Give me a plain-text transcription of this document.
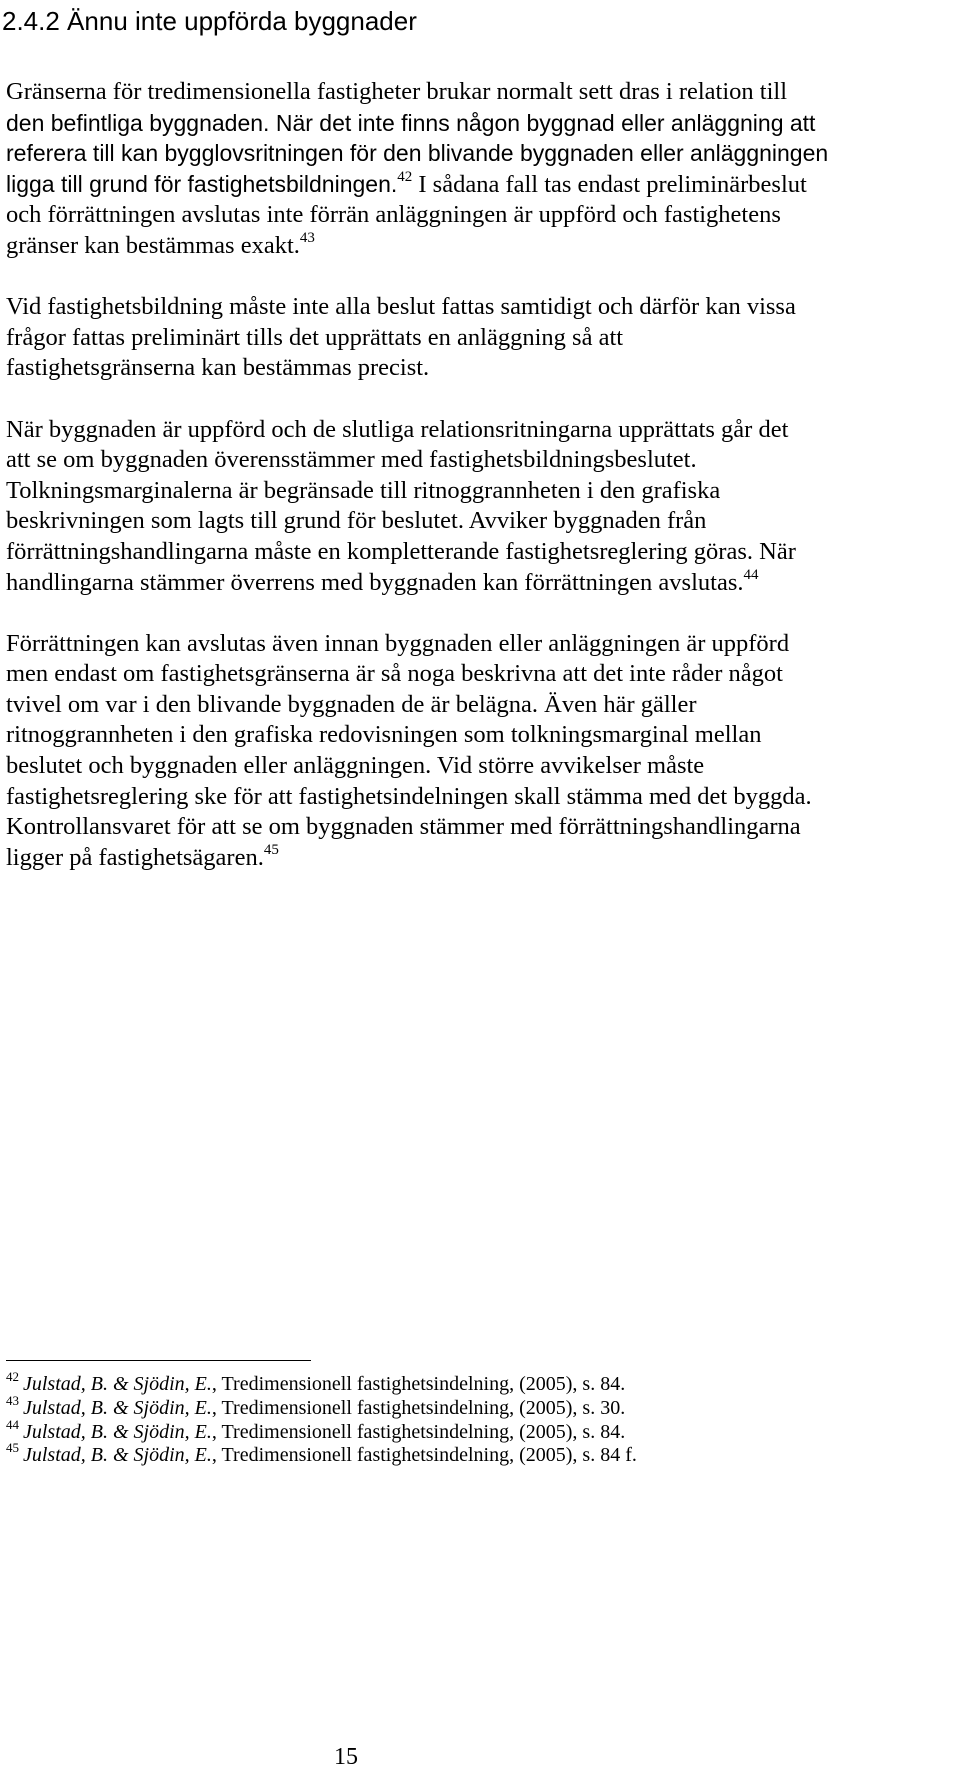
2.4.2 Ännu inte uppförda byggnader

Gränserna för tredimensionella fastigheter brukar normalt sett dras i relation till
den befintliga byggnaden. När det inte finns någon byggnad eller anläggning att
referera till kan bygglovsritningen för den blivande byggnaden eller anläggningen
ligga till grund för fastighetsbildningen.$^{42}$ I sådana fall tas endast preliminärbeslut
och förrättningen avslutas inte förrän anläggningen är uppförd och fastighetens
gränser kan bestämmas exakt.$^{43}$

Vid fastighetsbildning måste inte alla beslut fattas samtidigt och därför kan vissa
frågor fattas preliminärt tills det upprättats en anläggning så att
fastighetsgränserna kan bestämmas precist.

När byggnaden är uppförd och de slutliga relationsritningarna upprättats går det
att se om byggnaden överensstämmer med fastighetsbildningsbeslutet.
Tolkningsmarginalerna är begränsade till ritnoggrannheten i den grafiska
beskrivningen som lagts till grund för beslutet. Avviker byggnaden från
förrättningshandlingarna måste en kompletterande fastighetsreglering göras. När
handlingarna stämmer överrens med byggnaden kan förrättningen avslutas.$^{44}$

Förrättningen kan avslutas även innan byggnaden eller anläggningen är uppförd
men endast om fastighetsgränserna är så noga beskrivna att det inte råder något
tvivel om var i den blivande byggnaden de är belägna. Även här gäller
ritnoggrannheten i den grafiska redovisningen som tolkningsmarginal mellan
beslutet och byggnaden eller anläggningen. Vid större avvikelser måste
fastighetsreglering ske för att fastighetsindelningen skall stämma med det byggda.
Kontrollansvaret för att se om byggnaden stämmer med förrättningshandlingarna
ligger på fastighetsägaren.$^{45}$

$^{42}$ Julstad, B. & Sjödin, E., Tredimensionell fastighetsindelning, (2005), s. 84.
$^{43}$ Julstad, B. & Sjödin, E., Tredimensionell fastighetsindelning, (2005), s. 30.
$^{44}$ Julstad, B. & Sjödin, E., Tredimensionell fastighetsindelning, (2005), s. 84.
$^{45}$ Julstad, B. & Sjödin, E., Tredimensionell fastighetsindelning, (2005), s. 84 f.
15
